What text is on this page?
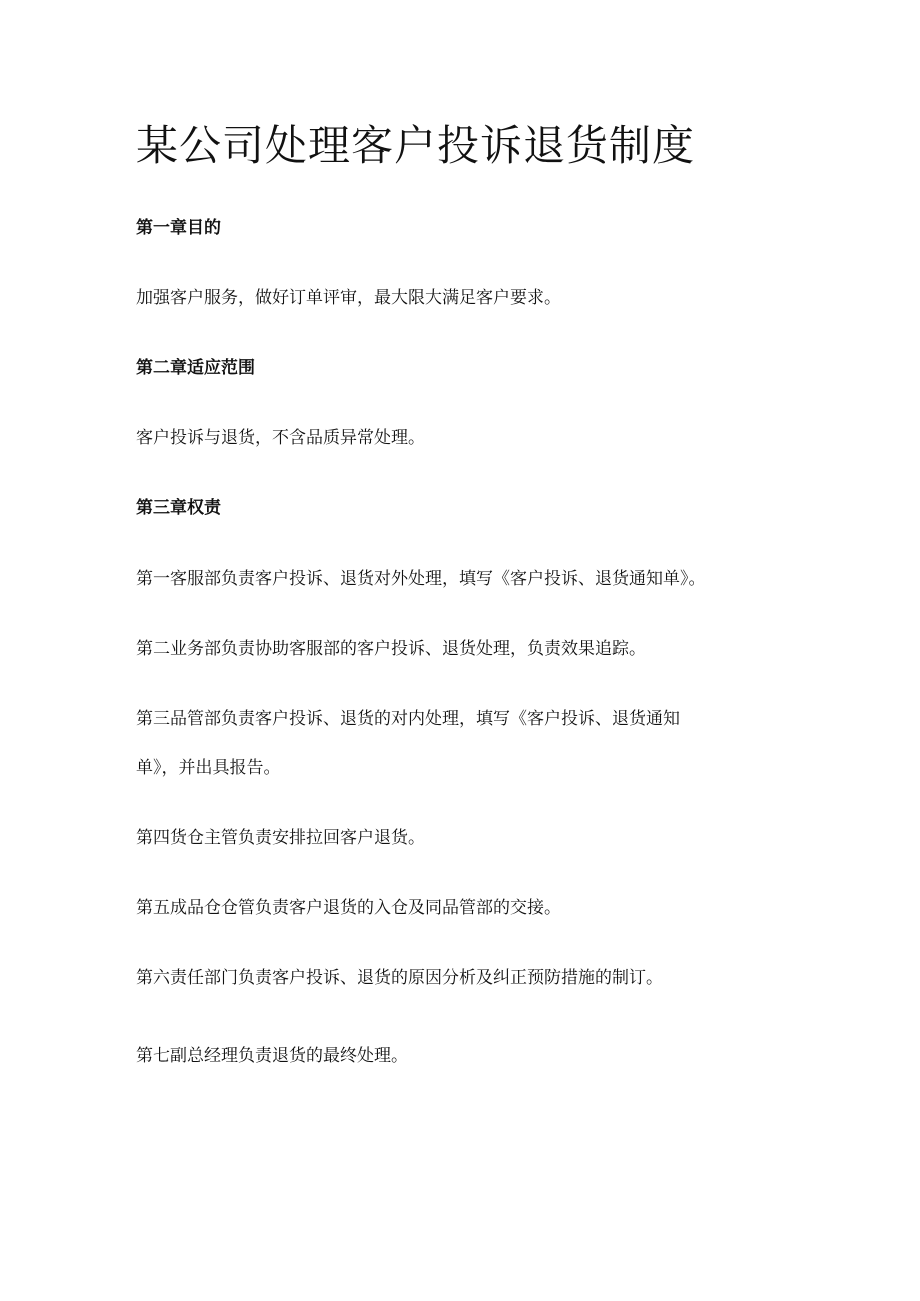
某公司处理客户投诉退货制度

第一章目的

加强客户服务，做好订单评审，最大限大满足客户要求。

第二章适应范围

客户投诉与退货，不含品质异常处理。

第三章权责

第一客服部负责客户投诉、退货对外处理，填写《客户投诉、退货通知单》。

第二业务部负责协助客服部的客户投诉、退货处理，负责效果追踪。

第三品管部负责客户投诉、退货的对内处理，填写《客户投诉、退货通知

单》，并出具报告。

第四货仓主管负责安排拉回客户退货。

第五成品仓仓管负责客户退货的入仓及同品管部的交接。

第六责任部门负责客户投诉、退货的原因分析及纠正预防措施的制订。

第七副总经理负责退货的最终处理。
